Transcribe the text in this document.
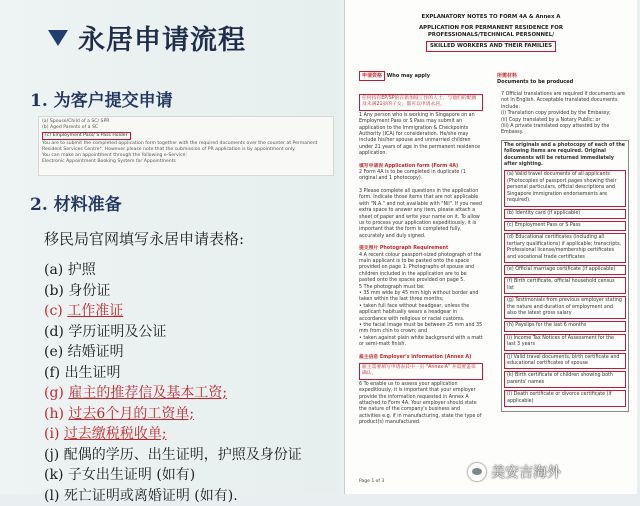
永居申请流程
1. 为客户提交申请
(a) Spouse/Child of a SC/ SPR
(b) Aged Parents of a SC
(c) Employment Pass/ S Pass Holder
You are to submit the completed application form together with the required documents over the counter at Permanent Resident Services Centre*. However please note that the submission of PR application is by appointment only.
You can make an appointment through the following e-Service:
Electronic Appointment Booking System for Appointments
2. 材料准备
移民局官网填写永居申请表格:
(a) 护照
(b) 身份证
(c) 工作准证
(d) 学历证明及公证
(e) 结婚证明
(f) 出生证明
(g) 雇主的推荐信及基本工资;
(h) 过去6个月的工资单;
(i) 过去缴税税收单;
(j) 配偶的学历、出生证明，护照及身份证
(k) 子女出生证明 (如有)
(l) 死亡证明或离婚证明 (如有).
EXPLANATORY NOTES TO FORM 4A & Annex A
APPLICATION FOR PERMANENT RESIDENCE FOR
PROFESSIONALS/TECHNICAL PERSONNEL/
SKILLED WORKERS AND THEIR FAMILIES
申请资格 Who may apply	所需材料
Documents to be produced
任何持有EP/SP的在新加坡工作的人士，与他们的配偶及未满21岁的子女，都可以申请永居。
1 Any person who is working in Singapore on an Employment Pass or S Pass may submit an application to the Immigration & Checkpoints Authority (ICA) for consideration. He/she may include his/her spouse and unmarried children under 21 years of age in the permanent residence application.
填写申请表 Application form (Form 4A)
2 Form 4A is to be completed in duplicate (1 original and 1 photocopy).
3 Please complete all questions in the application form. Indicate those items that are not applicable with "N.A." and not available with "Nil". If you need extra space to answer any item, please attach a sheet of paper and write your name on it. To allow us to process your application expeditiously, it is important that the form is completed fully, accurately and duly signed.
提交照片 Photograph Requirement
4 A recent colour passport-sized photograph of the main applicant is to be pasted onto the space provided on page 1. Photographs of spouse and children included in the application are to be pasted onto the spaces provided on page 5.
5 The photograph must be:
• 35 mm wide by 45 mm high without border and taken within the last three months;
• taken full face without headgear, unless the applicant habitually wears a headgear in accordance with religious or racial customs.
• the facial image must be between 25 mm and 35 mm from chin to crown; and
• taken against plain white background with a matt or semi-matt finish.
雇主信息 Employer's information (Annex A)
雇主需要填写申请表其中一页 "Annex A" 并需要盖章确认。
6 To enable us to assess your application expeditiously, it is important that your employer provide the information requested in Annex A attached to Form 4A. Your employer should state the nature of the company's business and activities e.g. if in manufacturing, state the type of product(s) manufactured.
7 Official translations are required if documents are not in English. Acceptable translated documents include:
(i) Translation copy provided by the Embassy;
(ii) Copy translated by a Notary Public; or
(iii) A private translated copy attested by the Embassy.
The originals and a photocopy of each of the following items are required. Original documents will be returned immediately after sighting.
(a) Valid travel documents of all applicants (Photocopies of passport pages showing their personal particulars, official descriptions and Singapore immigration endorsements are required).
(b) Identity card (if applicable)
(c) Employment Pass or S Pass
(d) Educational certificates (including all tertiary qualifications) if applicable; transcripts, Professional license/membership certificates and vocational trade certificates
(e) Official marriage certificate (if applicable)
(f) Birth certificate, official household census list
(g) Testimonials from previous employer stating the nature and duration of employment and also the latest gross salary
(h) Payslips for the last 6 months
(i) Income Tax Notices of Assessment for the last 3 years
(j) Valid travel documents, birth certificate and educational certificates of spouse
(k) Birth certificate of children showing both parents' names
(l) Death certificate or divorce certificate (if applicable)
Page 1 of 3
美安吉海外
